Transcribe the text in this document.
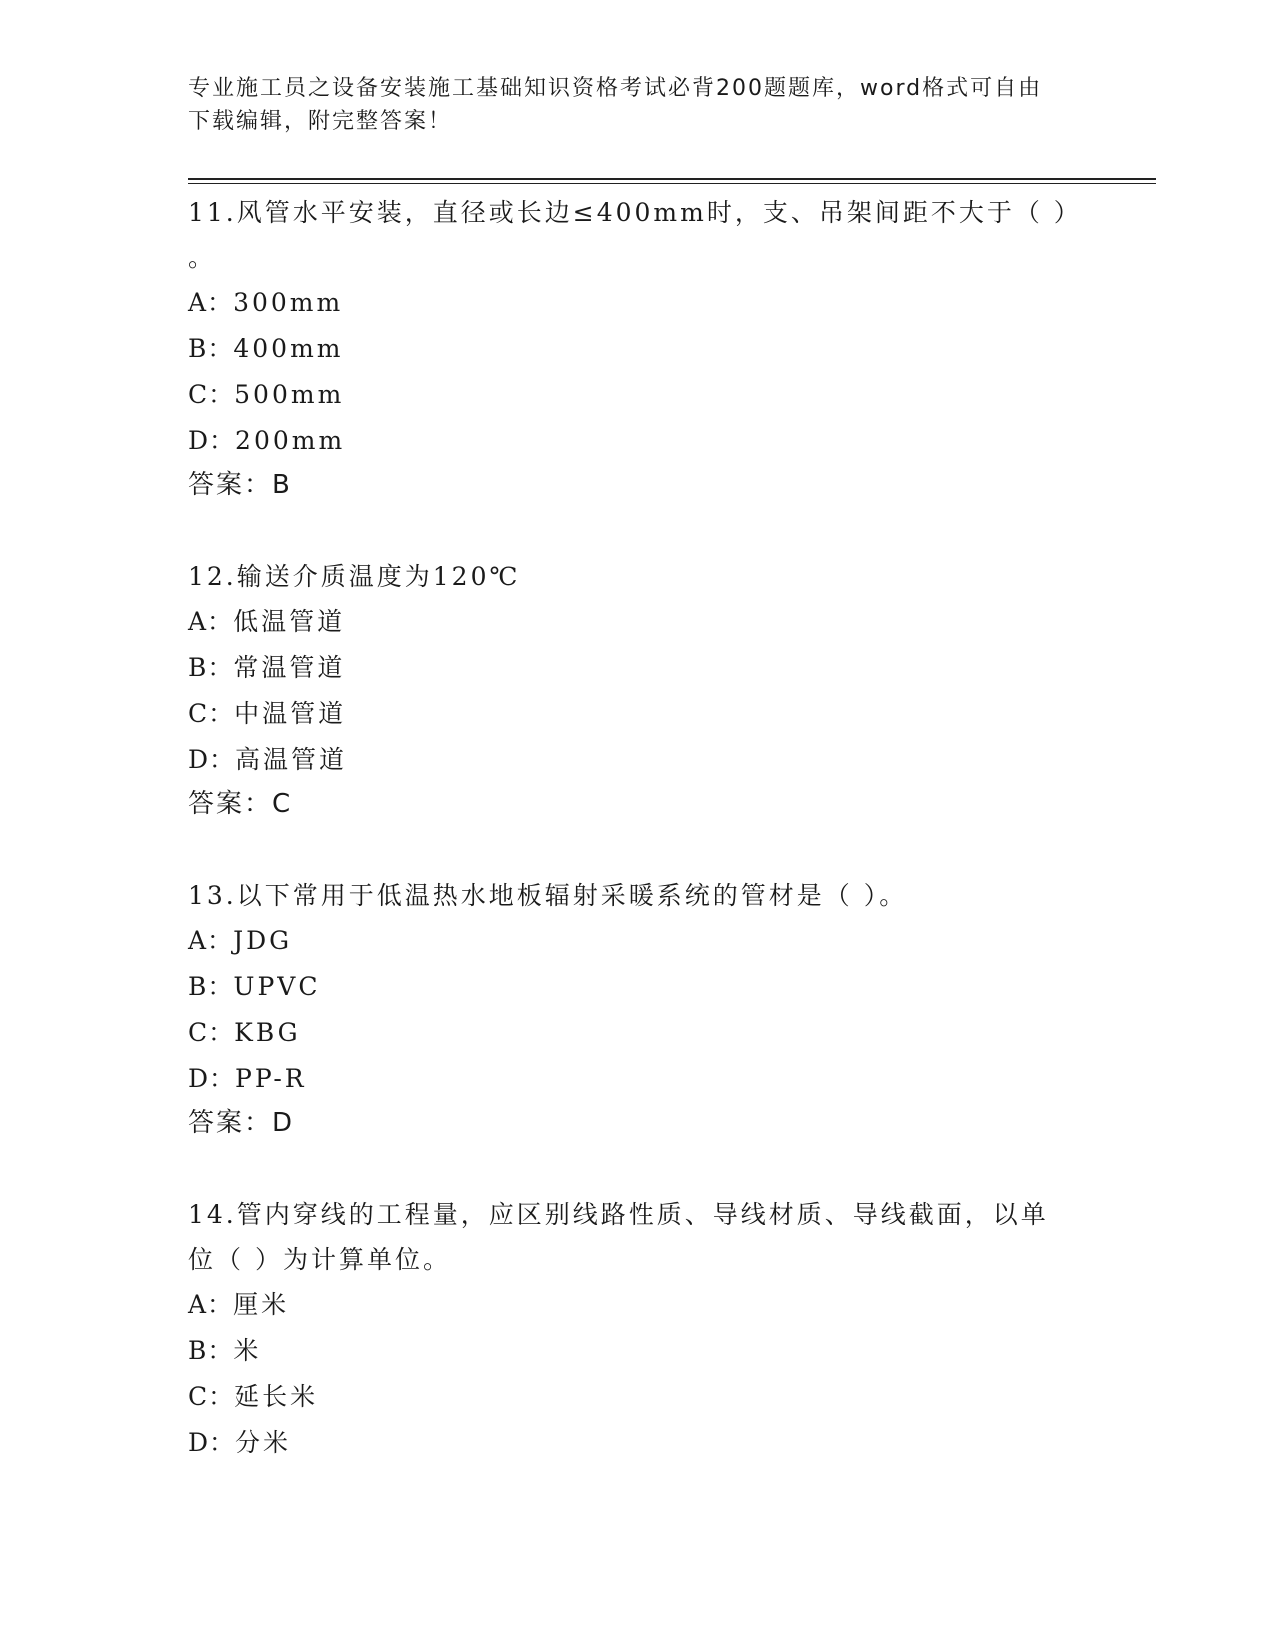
专业施工员之设备安装施工基础知识资格考试必背200题题库，word格式可自由
下载编辑，附完整答案！

11.风管水平安装，直径或长边≤400mm时，支、吊架间距不大于（ ）

。

A： 300mm

B： 400mm

C： 500mm

D： 200mm

答案：B

12.输送介质温度为120℃

A： 低温管道

B： 常温管道

C： 中温管道

D： 高温管道

答案：C

13.以下常用于低温热水地板辐射采暖系统的管材是（ ）。

A： JDG

B： UPVC

C： KBG

D： PP-R

答案：D

14.管内穿线的工程量，应区别线路性质、导线材质、导线截面，以单

位（ ）为计算单位。

A： 厘米

B： 米

C： 延长米

D： 分米
